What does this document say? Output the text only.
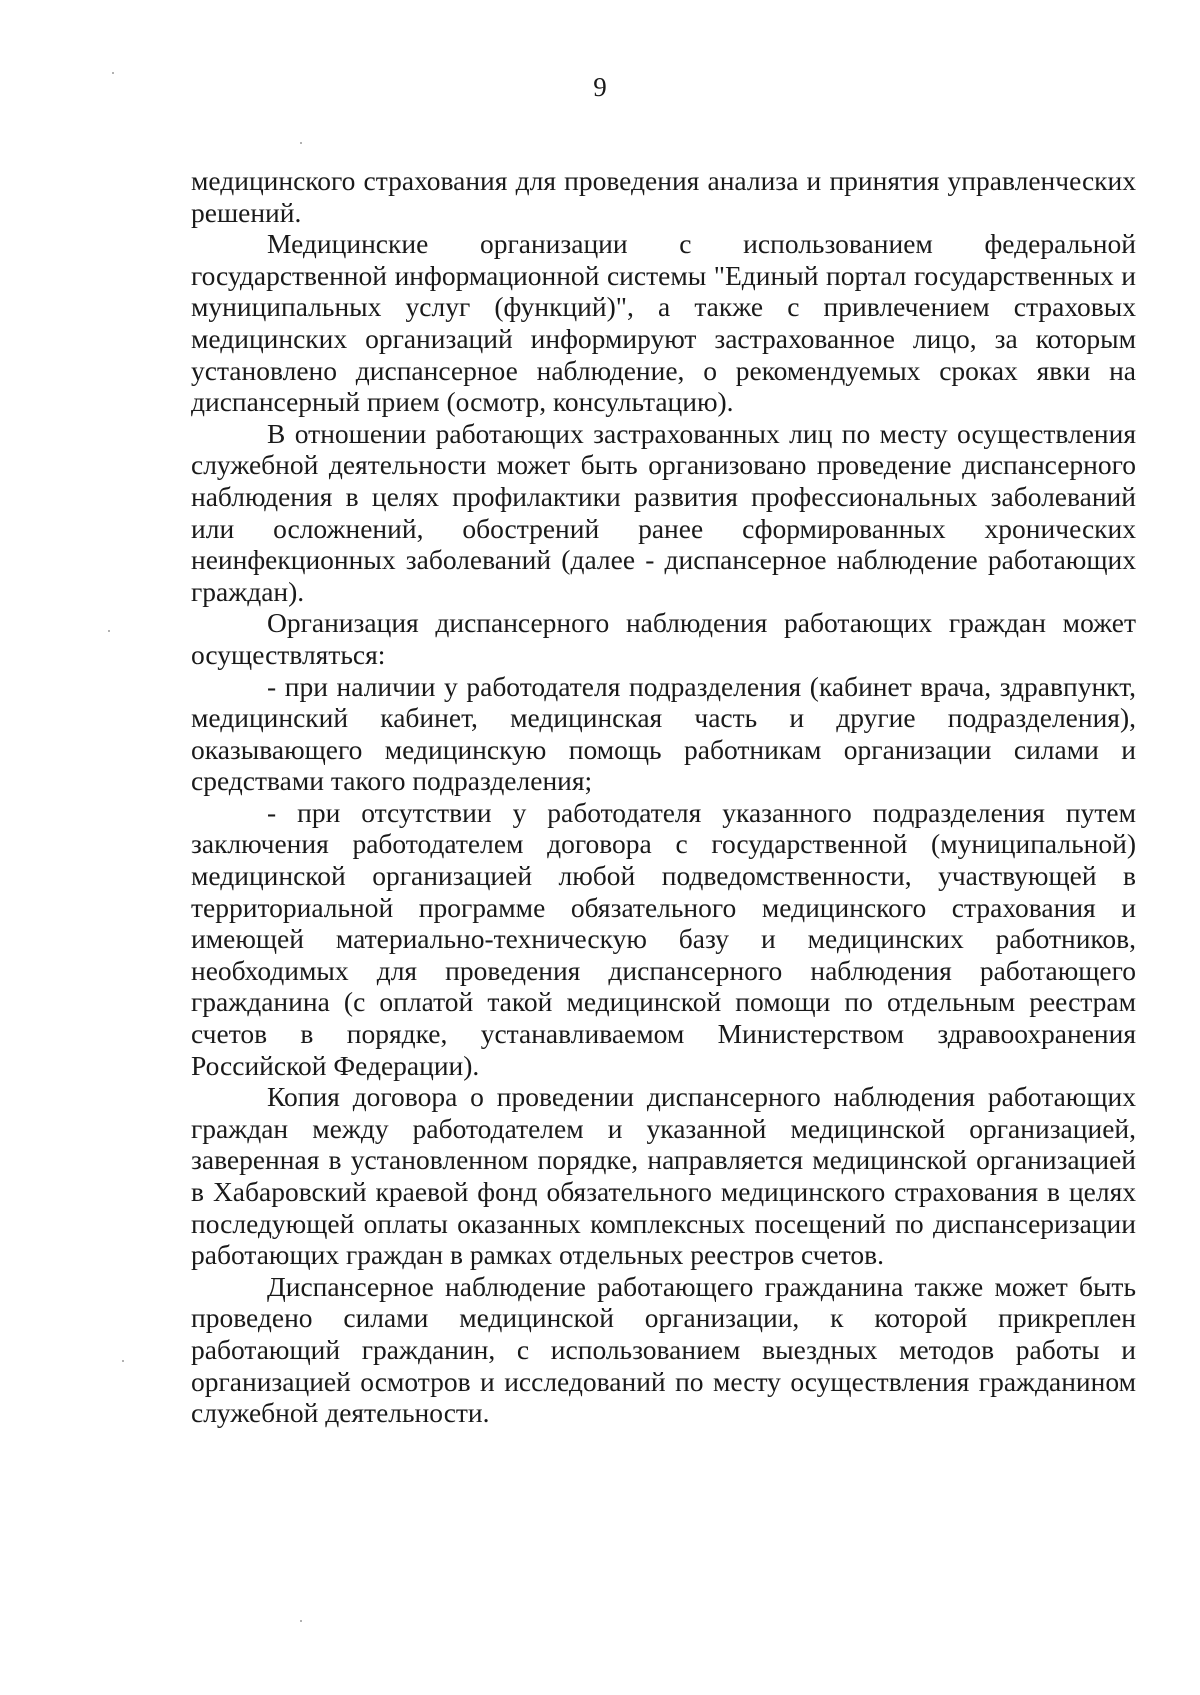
9

медицинского страхования для проведения анализа и принятия управленческих решений.

Медицинские организации с использованием федеральной государственной информационной системы "Единый портал государственных и муниципальных услуг (функций)", а также с привлечением страховых медицинских организаций информируют застрахованное лицо, за которым установлено диспансерное наблюдение, о рекомендуемых сроках явки на диспансерный прием (осмотр, консультацию).

В отношении работающих застрахованных лиц по месту осуществления служебной деятельности может быть организовано проведение диспансерного наблюдения в целях профилактики развития профессиональных заболеваний или осложнений, обострений ранее сформированных хронических неинфекционных заболеваний (далее - диспансерное наблюдение работающих граждан).

Организация диспансерного наблюдения работающих граждан может осуществляться:

- при наличии у работодателя подразделения (кабинет врача, здравпункт, медицинский кабинет, медицинская часть и другие подразделения), оказывающего медицинскую помощь работникам организации силами и средствами такого подразделения;

- при отсутствии у работодателя указанного подразделения путем заключения работодателем договора с государственной (муниципальной) медицинской организацией любой подведомственности, участвующей в территориальной программе обязательного медицинского страхования и имеющей материально-техническую базу и медицинских работников, необходимых для проведения диспансерного наблюдения работающего гражданина (с оплатой такой медицинской помощи по отдельным реестрам счетов в порядке, устанавливаемом Министерством здравоохранения Российской Федерации).

Копия договора о проведении диспансерного наблюдения работающих граждан между работодателем и указанной медицинской организацией, заверенная в установленном порядке, направляется медицинской организацией в Хабаровский краевой фонд обязательного медицинского страхования в целях последующей оплаты оказанных комплексных посещений по диспансеризации работающих граждан в рамках отдельных реестров счетов.

Диспансерное наблюдение работающего гражданина также может быть проведено силами медицинской организации, к которой прикреплен работающий гражданин, с использованием выездных методов работы и организацией осмотров и исследований по месту осуществления гражданином служебной деятельности.
